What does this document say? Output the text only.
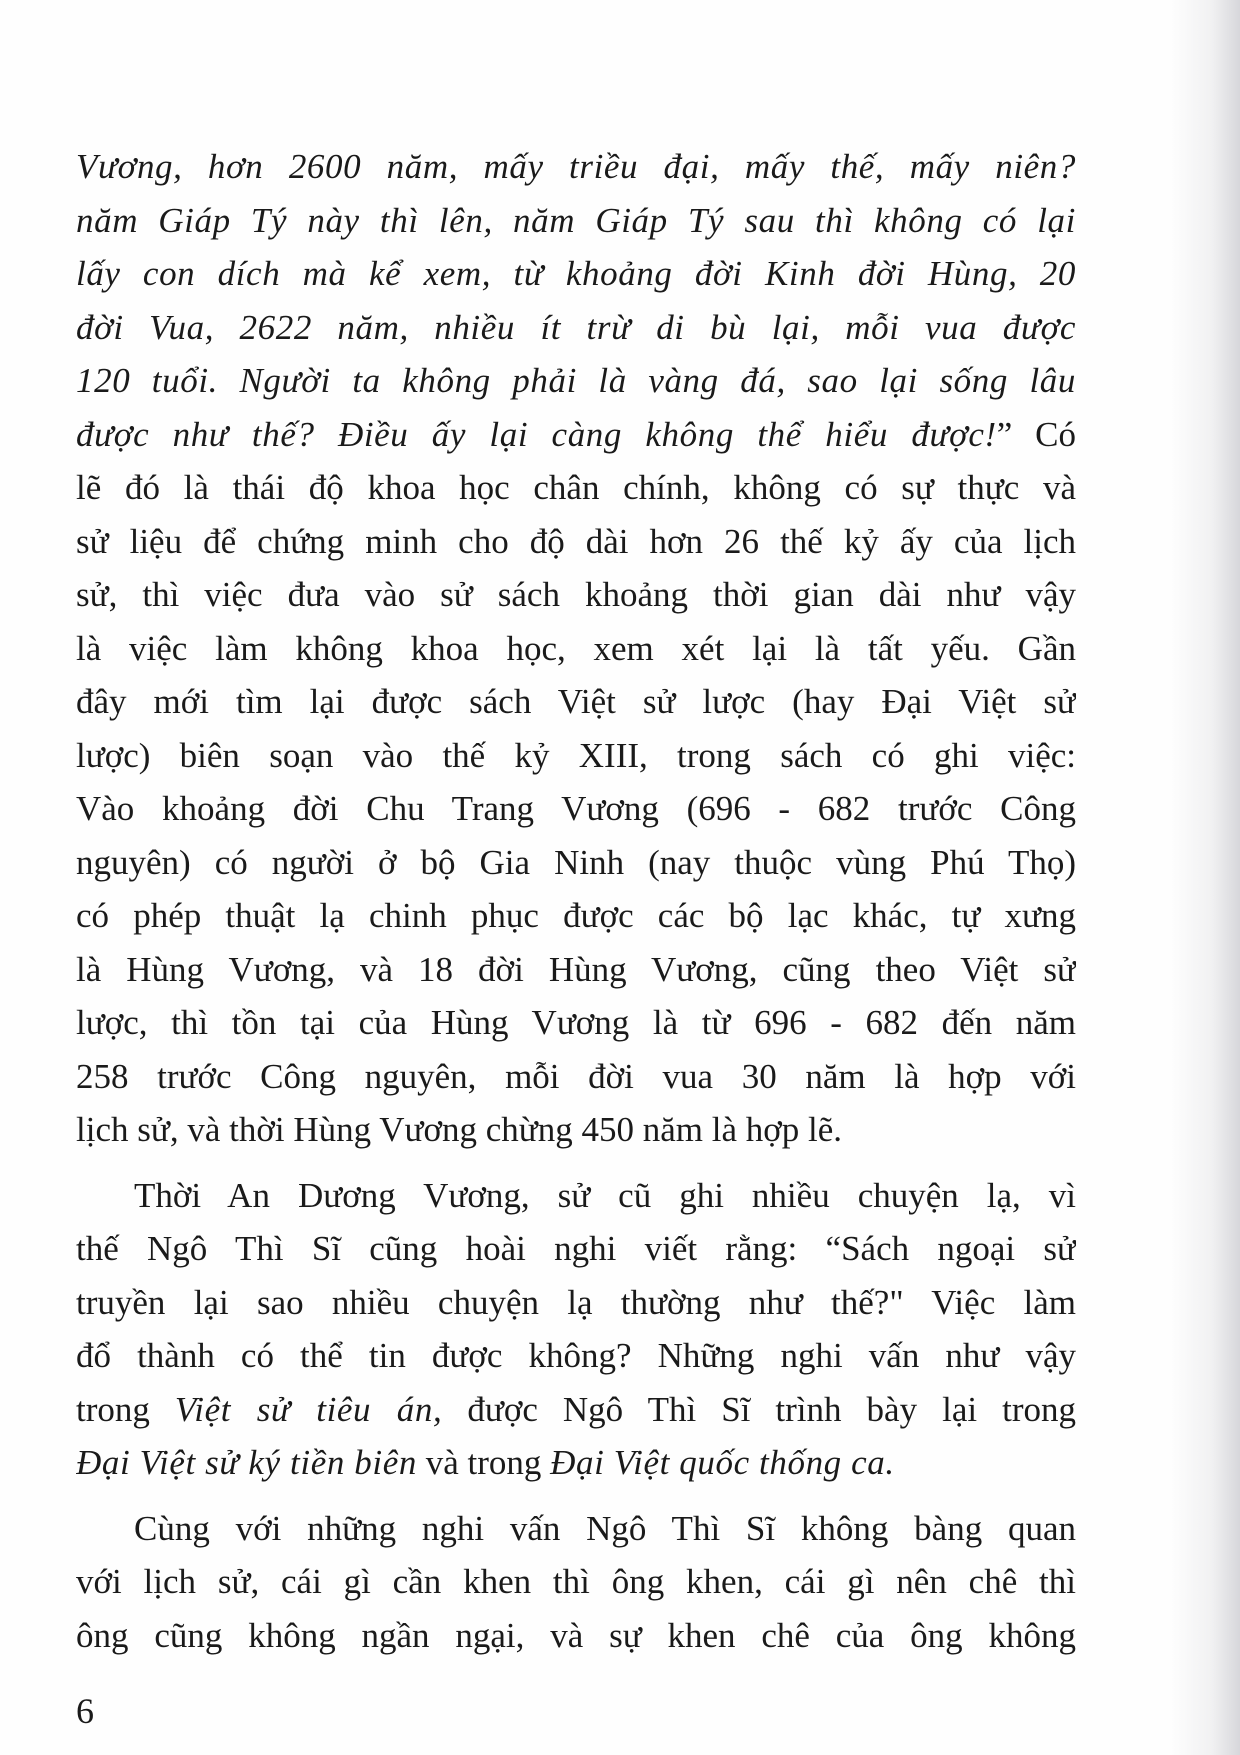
Vương, hơn 2600 năm, mấy triều đại, mấy thế, mấy niên?
năm Giáp Tý này thì lên, năm Giáp Tý sau thì không có lại
lấy con dích mà kể xem, từ khoảng đời Kinh đời Hùng, 20
đời Vua, 2622 năm, nhiều ít trừ di bù lại, mỗi vua được
120 tuổi. Người ta không phải là vàng đá, sao lại sống lâu
được như thế? Điều ấy lại càng không thể hiểu được!” Có
lẽ đó là thái độ khoa học chân chính, không có sự thực và
sử liệu để chứng minh cho độ dài hơn 26 thế kỷ ấy của lịch
sử, thì việc đưa vào sử sách khoảng thời gian dài như vậy
là việc làm không khoa học, xem xét lại là tất yếu. Gần
đây mới tìm lại được sách Việt sử lược (hay Đại Việt sử
lược) biên soạn vào thế kỷ XIII, trong sách có ghi việc:
Vào khoảng đời Chu Trang Vương (696 - 682 trước Công
nguyên) có người ở bộ Gia Ninh (nay thuộc vùng Phú Thọ)
có phép thuật lạ chinh phục được các bộ lạc khác, tự xưng
là Hùng Vương, và 18 đời Hùng Vương, cũng theo Việt sử
lược, thì tồn tại của Hùng Vương là từ 696 - 682 đến năm
258 trước Công nguyên, mỗi đời vua 30 năm là hợp với
lịch sử, và thời Hùng Vương chừng 450 năm là hợp lẽ.
Thời An Dương Vương, sử cũ ghi nhiều chuyện lạ, vì
thế Ngô Thì Sĩ cũng hoài nghi viết rằng: “Sách ngoại sử
truyền lại sao nhiều chuyện lạ thường như thế?" Việc làm
đổ thành có thể tin được không? Những nghi vấn như vậy
trong Việt sử tiêu án, được Ngô Thì Sĩ trình bày lại trong
Đại Việt sử ký tiền biên và trong Đại Việt quốc thống ca.
Cùng với những nghi vấn Ngô Thì Sĩ không bàng quan
với lịch sử, cái gì cần khen thì ông khen, cái gì nên chê thì
ông cũng không ngần ngại, và sự khen chê của ông không
6
